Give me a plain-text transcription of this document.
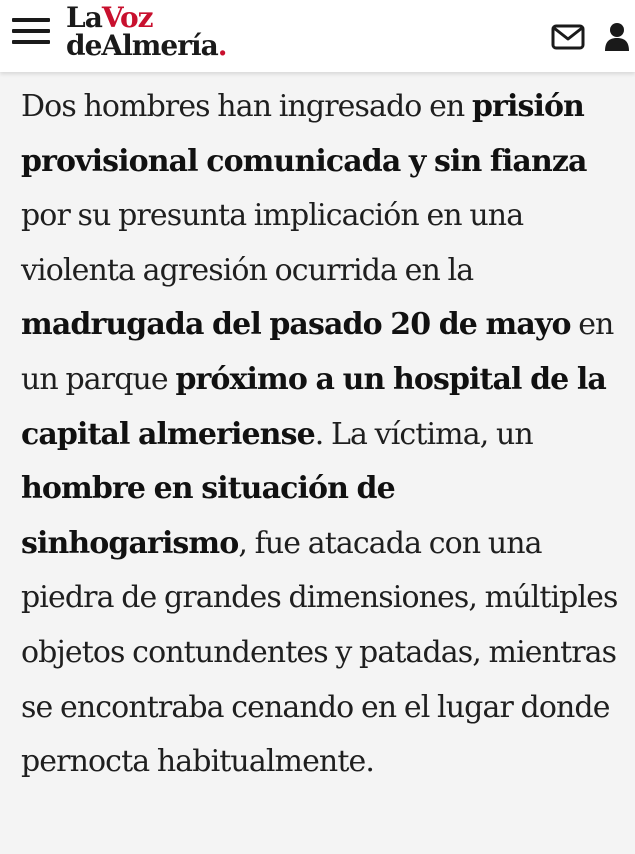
LaVoz
deAlmería.

Dos hombres han ingresado en prisión provisional comunicada y sin fianza por su presunta implicación en una violenta agresión ocurrida en la madrugada del pasado 20 de mayo en un parque próximo a un hospital de la capital almeriense. La víctima, un hombre en situación de sinhogarismo, fue atacada con una piedra de grandes dimensiones, múltiples objetos contundentes y patadas, mientras se encontraba cenando en el lugar donde pernocta habitualmente.
